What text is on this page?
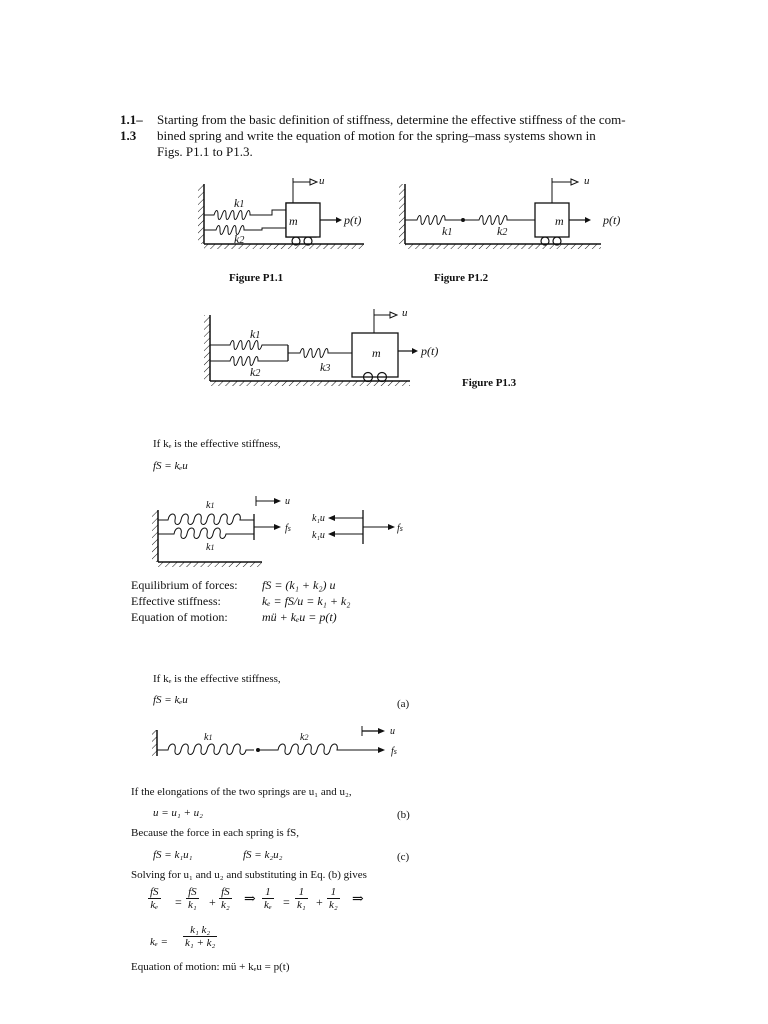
1.1–
1.3
Starting from the basic definition of stiffness, determine the effective stiffness of the com-
bined spring and write the equation of motion for the spring–mass systems shown in
Figs. P1.1 to P1.3.
u
k1
k2
m	p(t)
Figure P1.1
u
k1	k2
m	p(t)
Figure P1.2
u
k1
k2	k3
m	p(t)
Figure P1.3
If kₑ is the effective stiffness,
fS = kₑu
k1
k1
u
fs
k₁u
k₁u
fs
Equilibrium of forces: fS = (k₁ + k₂) u
Effective stiffness:	kₑ = fS/u = k₁ + k₂
Equation of motion:	mü + kₑu = p(t)
If kₑ is the effective stiffness,
fS = kₑu	(a)
k1	k2
u
fs
If the elongations of the two springs are u₁ and u₂,
u = u₁ + u₂	(b)
Because the force in each spring is fS,
fS = k₁u₁	fS = k₂u₂	(c)
Solving for u₁ and u₂ and substituting in Eq. (b) gives
$\frac{fS}{\text{kₑ}} = \frac{fS}{\text{k₁}} + \frac{fS}{\text{k₂}}$ ⇒ $\frac{1}{\text{kₑ}} = \frac{1}{\text{k₁}} + \frac{1}{\text{k₂}}$ ⇒
$k_e = \frac{\text{k₁ k₂}}{\text{k₁ + k₂}}$
Equation of motion: mü + kₑu = p(t)
